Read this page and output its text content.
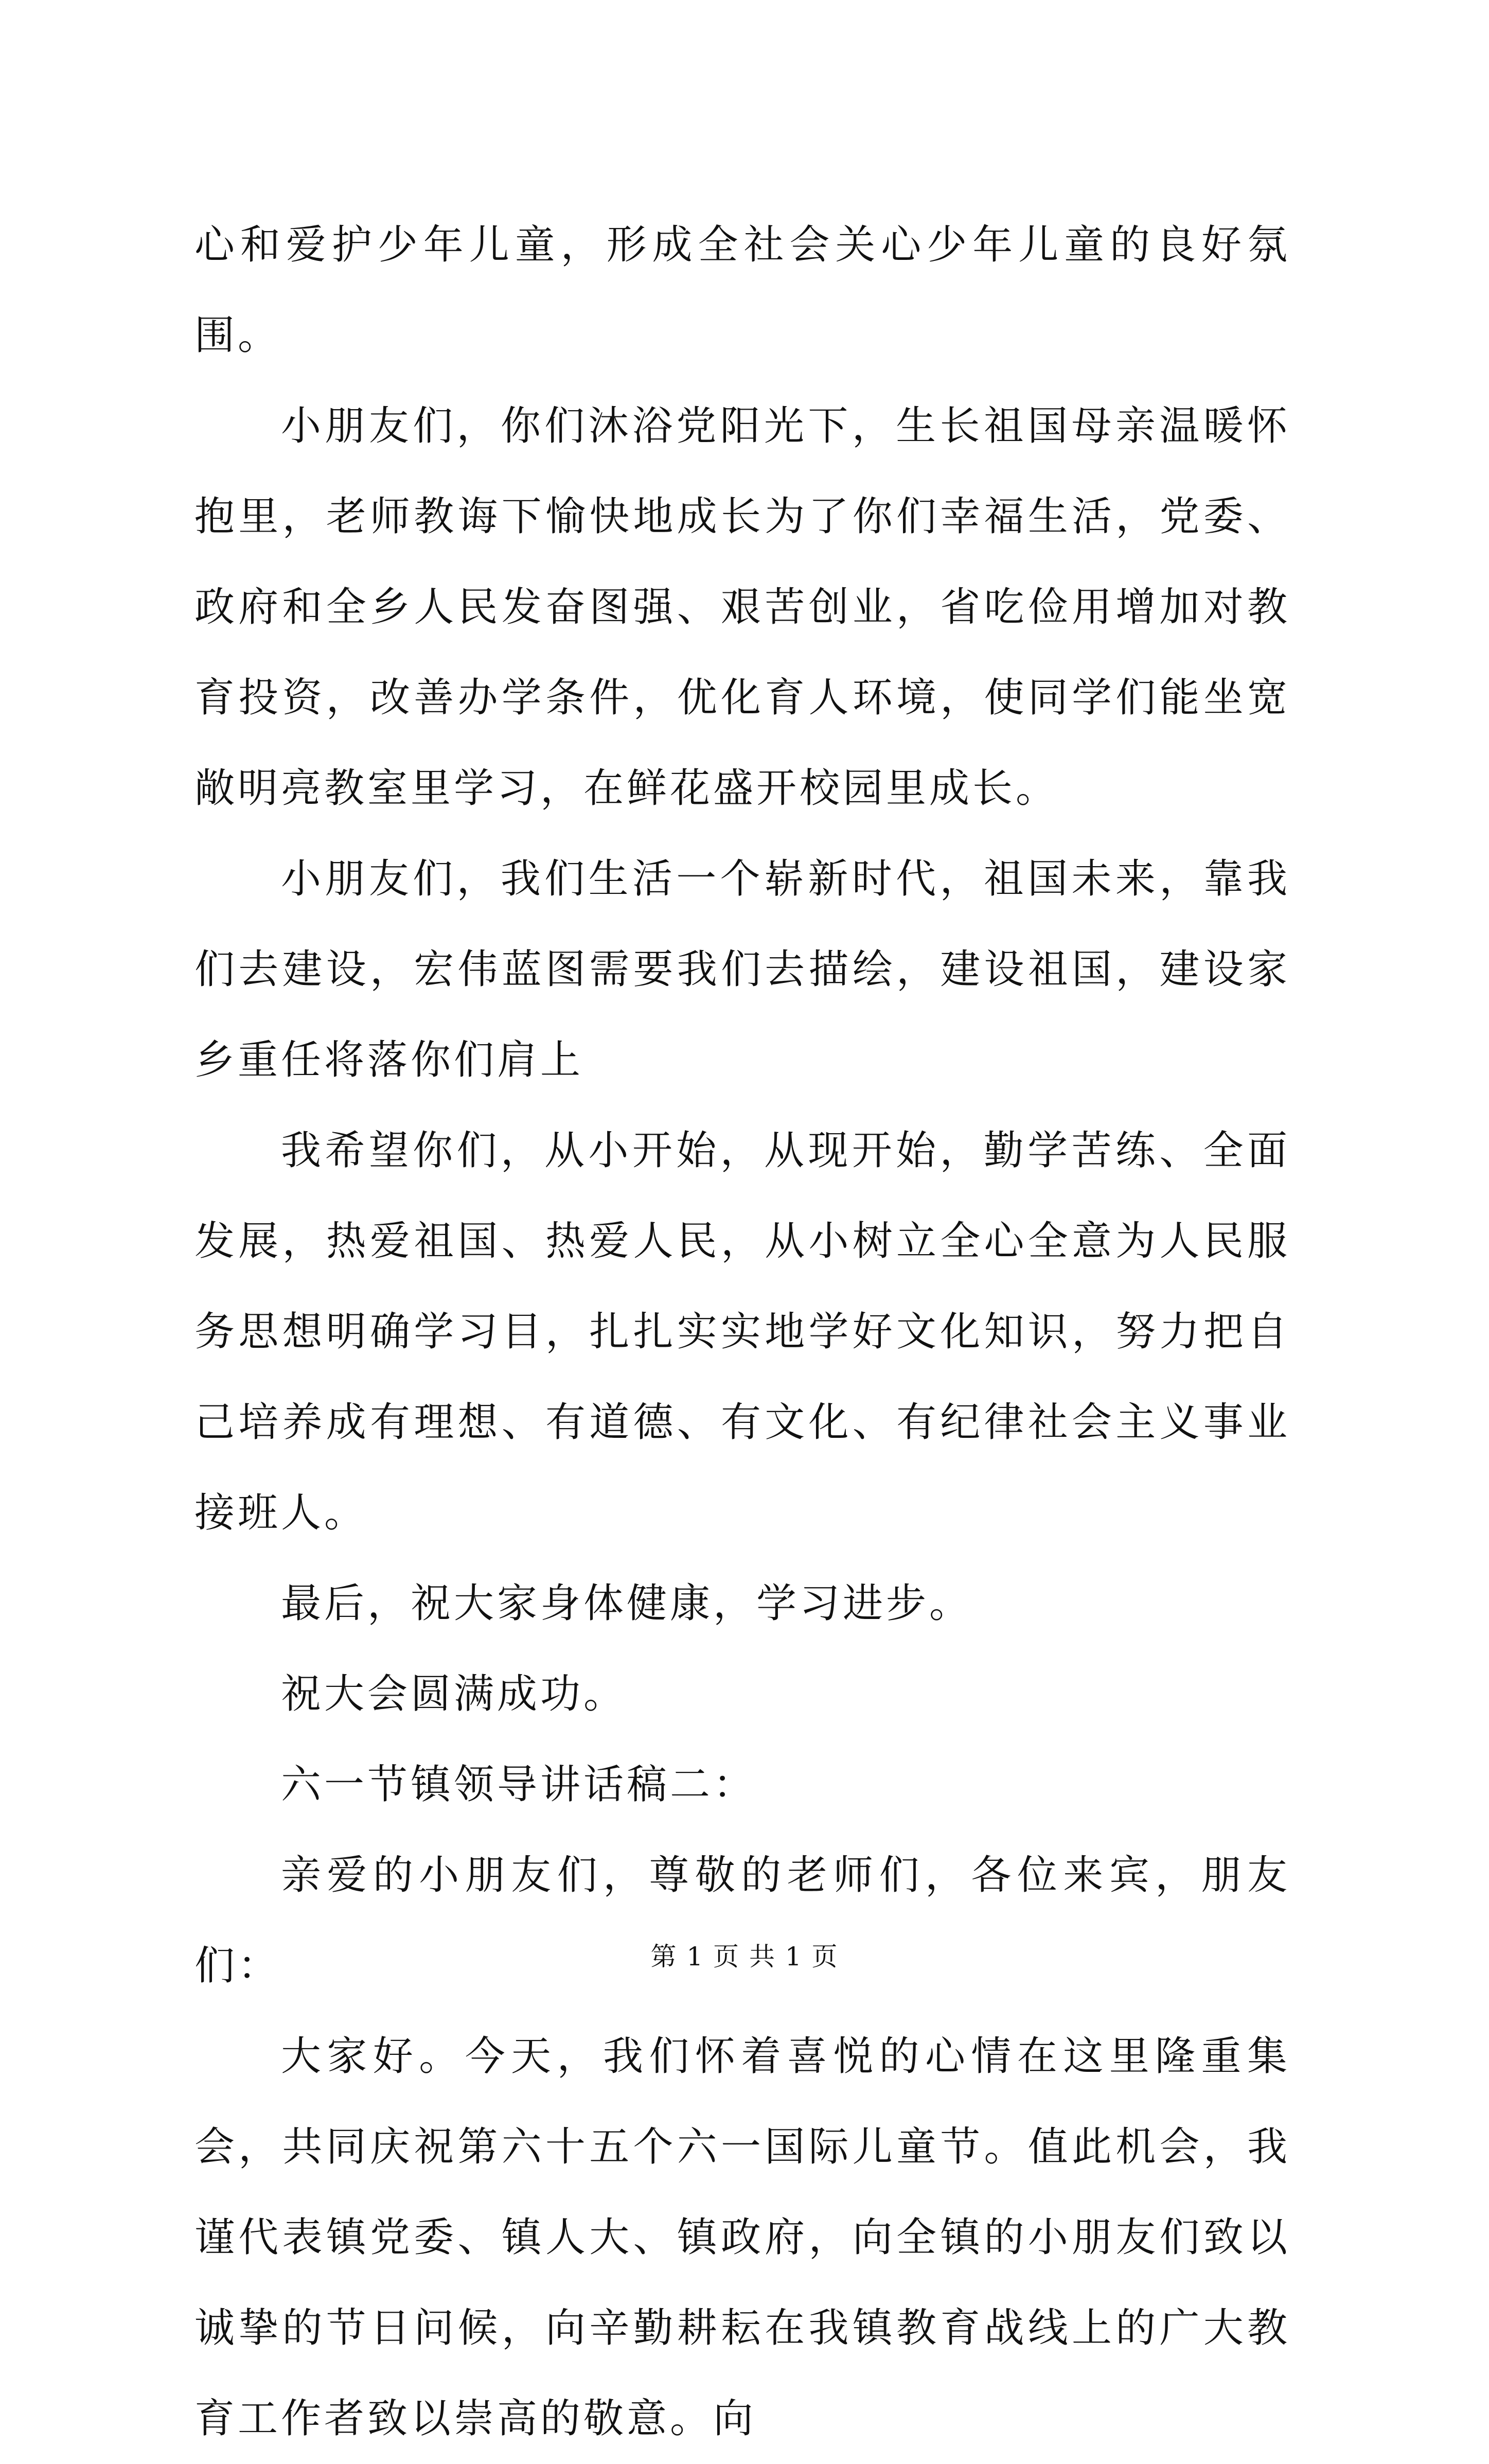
心和爱护少年儿童，形成全社会关心少年儿童的良好氛围。

小朋友们，你们沐浴党阳光下，生长祖国母亲温暖怀抱里，老师教诲下愉快地成长为了你们幸福生活，党委、政府和全乡人民发奋图强、艰苦创业，省吃俭用增加对教育投资，改善办学条件，优化育人环境，使同学们能坐宽敞明亮教室里学习，在鲜花盛开校园里成长。

小朋友们，我们生活一个崭新时代，祖国未来，靠我们去建设，宏伟蓝图需要我们去描绘，建设祖国，建设家乡重任将落你们肩上

我希望你们，从小开始，从现开始，勤学苦练、全面发展，热爱祖国、热爱人民，从小树立全心全意为人民服务思想明确学习目，扎扎实实地学好文化知识，努力把自己培养成有理想、有道德、有文化、有纪律社会主义事业接班人。

最后，祝大家身体健康，学习进步。

祝大会圆满成功。

六一节镇领导讲话稿二：

亲爱的小朋友们，尊敬的老师们，各位来宾，朋友们：

大家好。今天，我们怀着喜悦的心情在这里隆重集会，共同庆祝第六十五个六一国际儿童节。值此机会，我谨代表镇党委、镇人大、镇政府，向全镇的小朋友们致以诚挚的节日问候，向辛勤耕耘在我镇教育战线上的广大教育工作者致以崇高的敬意。向

第 1 页 共 1 页
